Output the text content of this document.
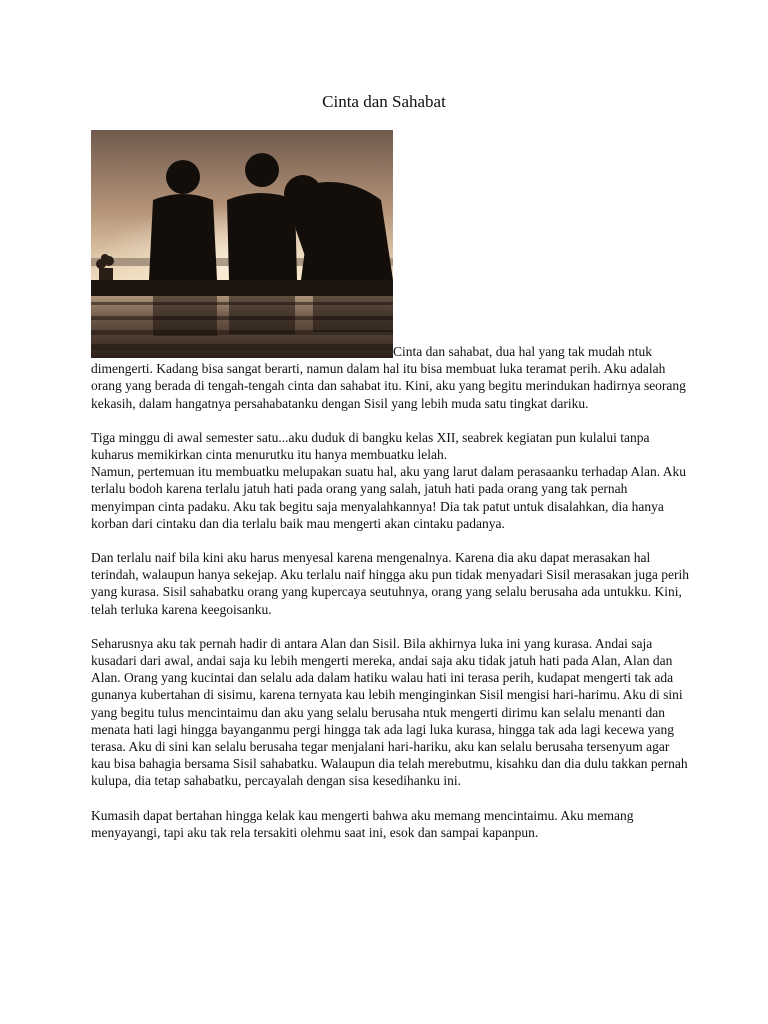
Cinta dan Sahabat

Cinta dan sahabat, dua hal yang tak mudah ntuk dimengerti. Kadang bisa sangat berarti, namun dalam hal itu bisa membuat luka teramat perih. Aku adalah orang yang berada di tengah-tengah cinta dan sahabat itu. Kini, aku yang begitu merindukan hadirnya seorang kekasih, dalam hangatnya persahabatanku dengan Sisil yang lebih muda satu tingkat dariku.

Tiga minggu di awal semester satu...aku duduk di bangku kelas XII, seabrek kegiatan pun kulalui tanpa kuharus memikirkan cinta menurutku itu hanya membuatku lelah.

Namun, pertemuan itu membuatku melupakan suatu hal, aku yang larut dalam perasaanku terhadap Alan. Aku terlalu bodoh karena terlalu jatuh hati pada orang yang salah, jatuh hati pada orang yang tak pernah menyimpan cinta padaku. Aku tak begitu saja menyalahkannya! Dia tak patut untuk disalahkan, dia hanya korban dari cintaku dan dia terlalu baik mau mengerti akan cintaku padanya.

Dan terlalu naif bila kini aku harus menyesal karena mengenalnya. Karena dia aku dapat merasakan hal terindah, walaupun hanya sekejap. Aku terlalu naif hingga aku pun tidak menyadari Sisil merasakan juga perih yang kurasa. Sisil sahabatku orang yang kupercaya seutuhnya, orang yang selalu berusaha ada untukku. Kini, telah terluka karena keegoisanku.

Seharusnya aku tak pernah hadir di antara Alan dan Sisil. Bila akhirnya luka ini yang kurasa. Andai saja kusadari dari awal, andai saja ku lebih mengerti mereka, andai saja aku tidak jatuh hati pada Alan, Alan dan Alan. Orang yang kucintai dan selalu ada dalam hatiku walau hati ini terasa perih, kudapat mengerti tak ada gunanya kubertahan di sisimu, karena ternyata kau lebih menginginkan Sisil mengisi hari-harimu. Aku di sini yang begitu tulus mencintaimu dan aku yang selalu berusaha ntuk mengerti dirimu kan selalu menanti dan menata hati lagi hingga bayanganmu pergi hingga tak ada lagi luka kurasa, hingga tak ada lagi kecewa yang terasa. Aku di sini kan selalu berusaha tegar menjalani hari-hariku, aku kan selalu berusaha tersenyum agar kau bisa bahagia bersama Sisil sahabatku. Walaupun dia telah merebutmu, kisahku dan dia dulu takkan pernah kulupa, dia tetap sahabatku, percayalah dengan sisa kesedihanku ini.

Kumasih dapat bertahan hingga kelak kau mengerti bahwa aku memang mencintaimu. Aku memang menyayangi, tapi aku tak rela tersakiti olehmu saat ini, esok dan sampai kapanpun.
